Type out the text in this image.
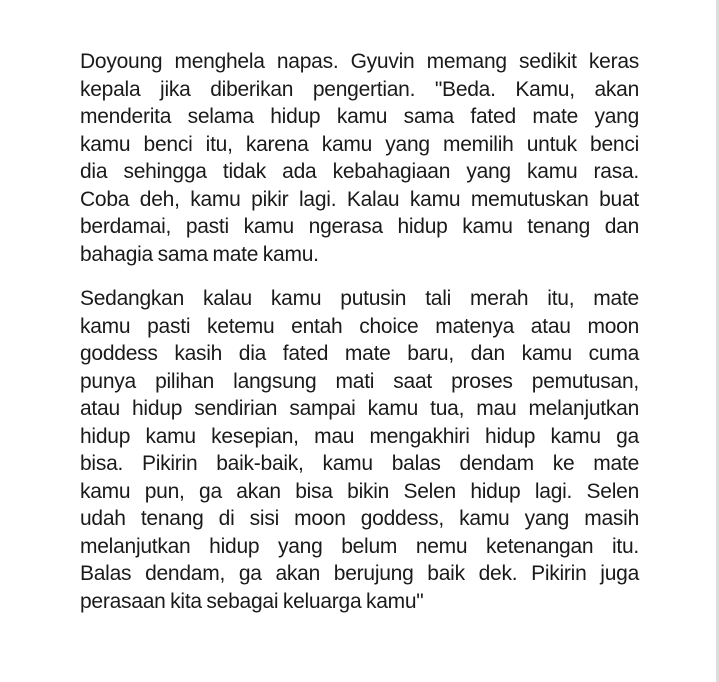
Doyoung menghela napas. Gyuvin memang sedikit keras
kepala jika diberikan pengertian. "Beda. Kamu, akan
menderita selama hidup kamu sama fated mate yang
kamu benci itu, karena kamu yang memilih untuk benci
dia sehingga tidak ada kebahagiaan yang kamu rasa.
Coba deh, kamu pikir lagi. Kalau kamu memutuskan buat
berdamai, pasti kamu ngerasa hidup kamu tenang dan
bahagia sama mate kamu.
Sedangkan kalau kamu putusin tali merah itu, mate
kamu pasti ketemu entah choice matenya atau moon
goddess kasih dia fated mate baru, dan kamu cuma
punya pilihan langsung mati saat proses pemutusan,
atau hidup sendirian sampai kamu tua, mau melanjutkan
hidup kamu kesepian, mau mengakhiri hidup kamu ga
bisa. Pikirin baik-baik, kamu balas dendam ke mate
kamu pun, ga akan bisa bikin Selen hidup lagi. Selen
udah tenang di sisi moon goddess, kamu yang masih
melanjutkan hidup yang belum nemu ketenangan itu.
Balas dendam, ga akan berujung baik dek. Pikirin juga
perasaan kita sebagai keluarga kamu"
